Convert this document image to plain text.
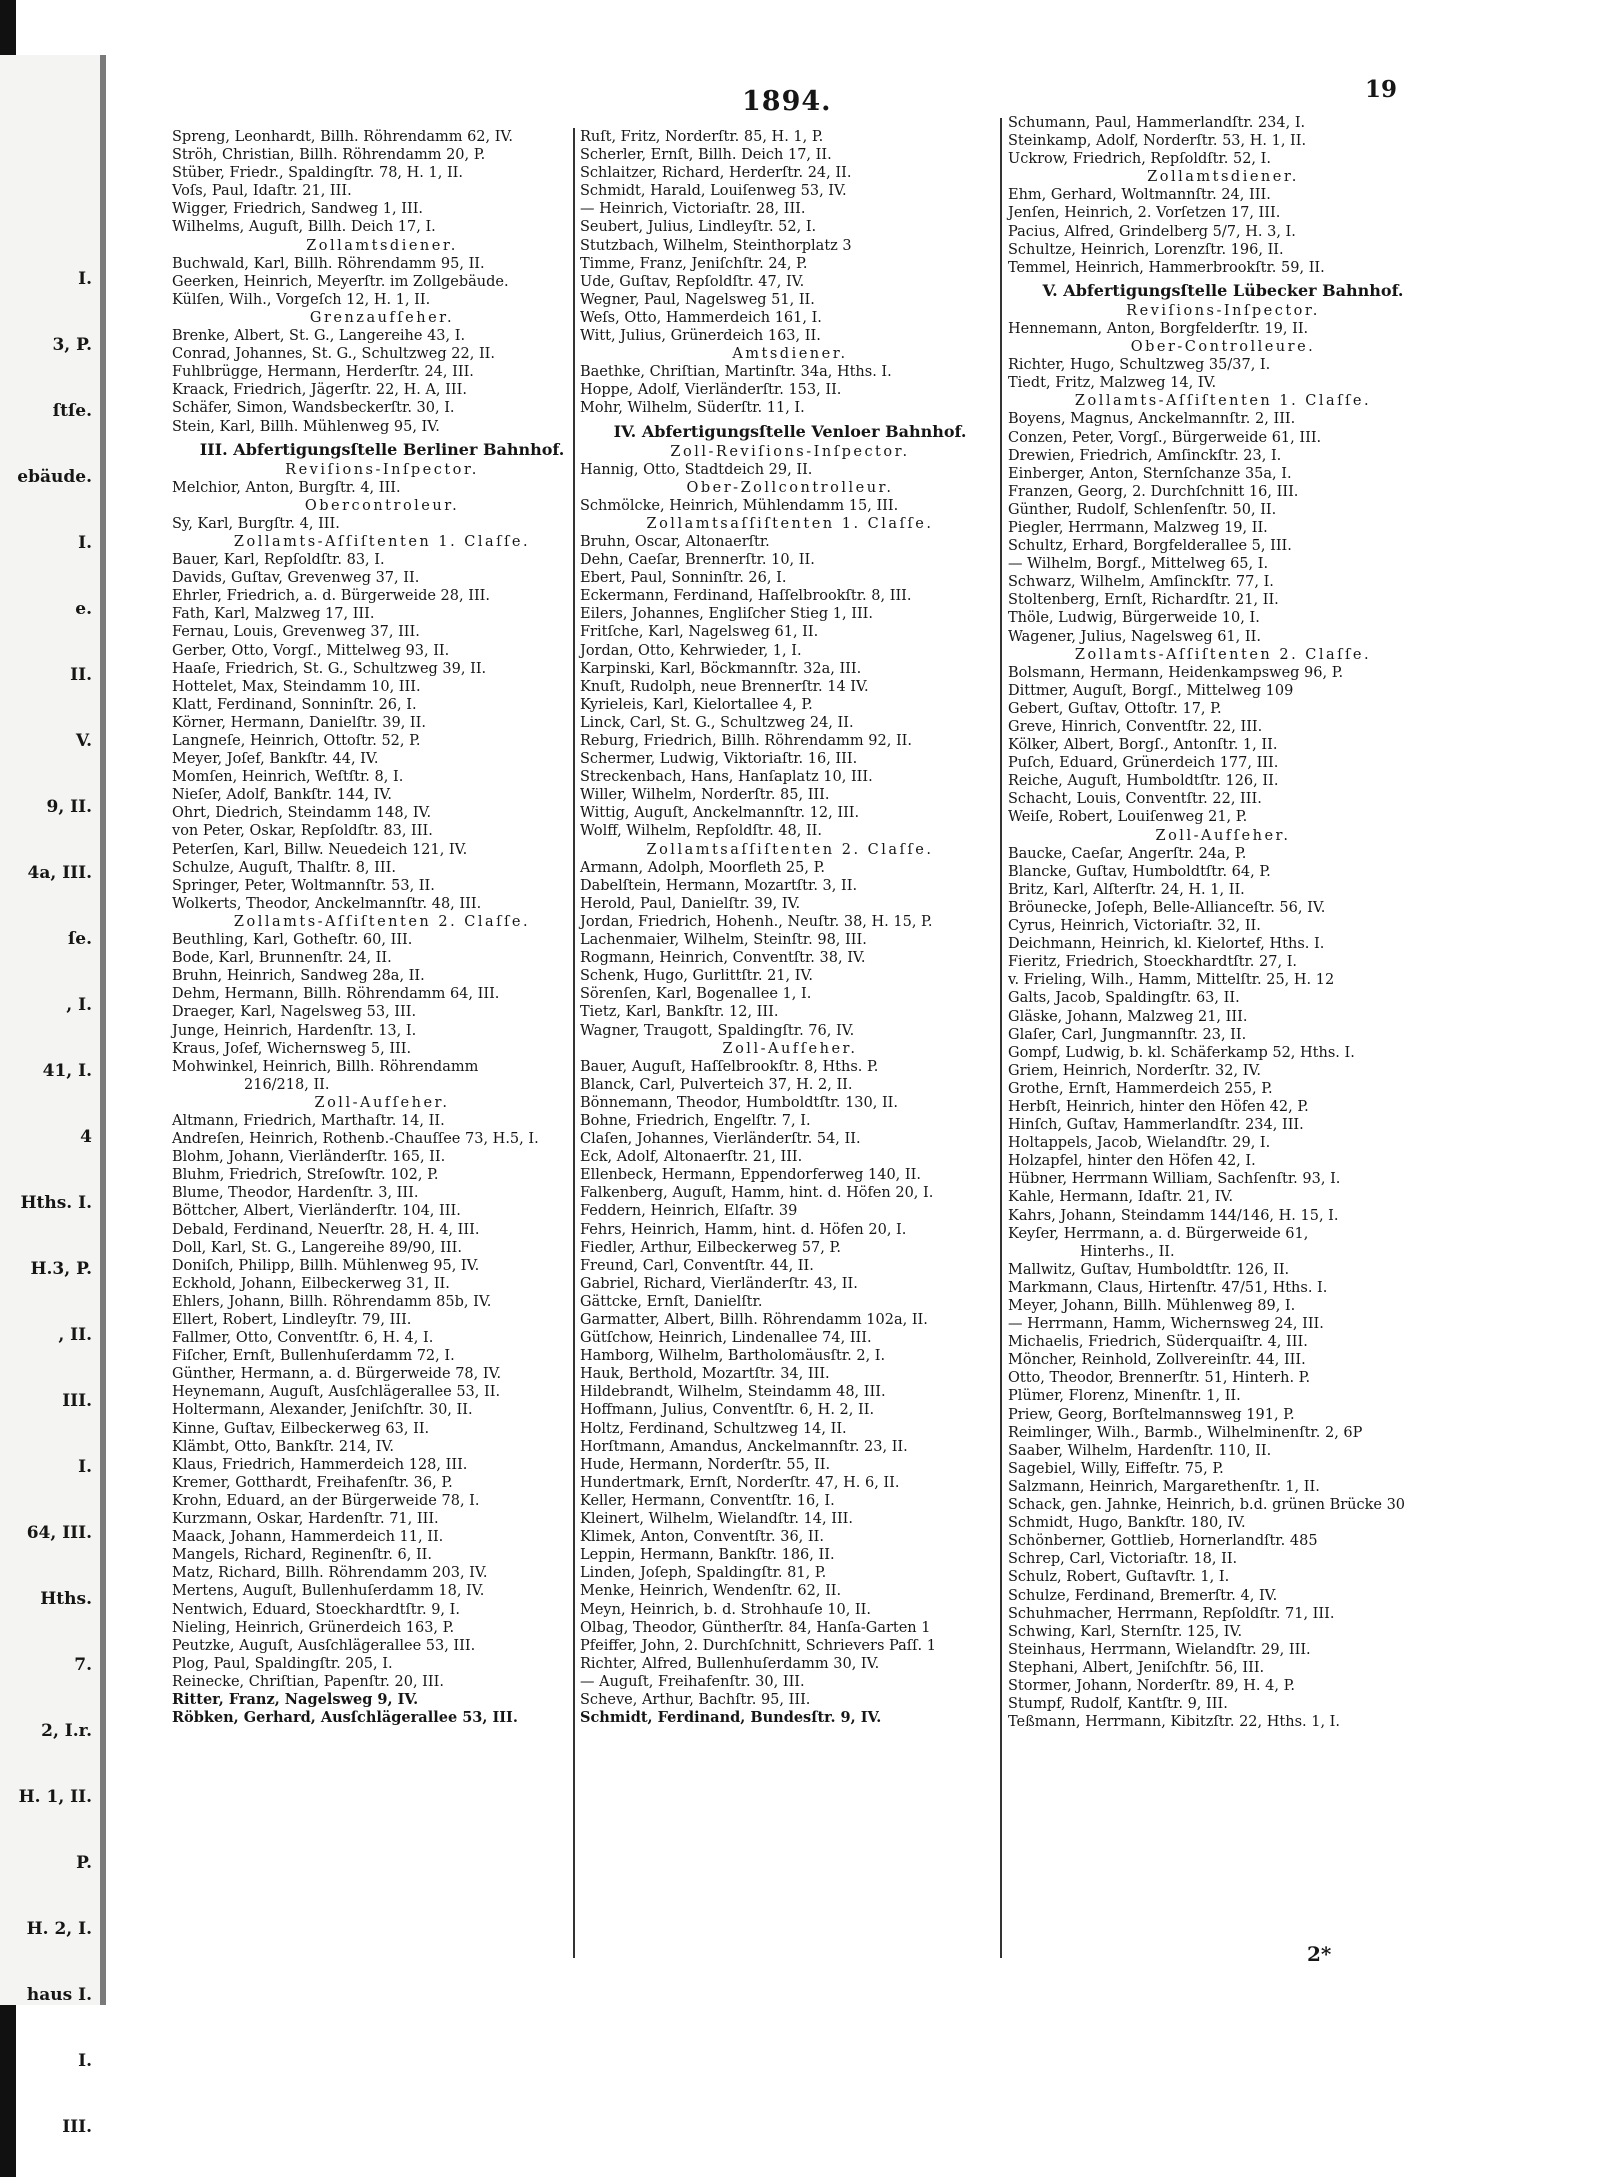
I.
3, P.
ſtſe.
ebäude.
I.
e.
II.
V.
9, II.
4a, III.
ſe.
, I.
41, I.
4
Hths. I.
H.3, P.
, II.
III.
I.
64, III.
Hths.
7.
2, I.r.
H. 1, II.
P.
H. 2, I.
haus I.
I.
III.
1894.	19
Spreng, Leonhardt, Billh. Röhrendamm 62, IV.
Ströh, Christian, Billh. Röhrendamm 20, P.
Stüber, Friedr., Spaldingſtr. 78, H. 1, II.
Voſs, Paul, Idaſtr. 21, III.
Wigger, Friedrich, Sandweg 1, III.
Wilhelms, Auguſt, Billh. Deich 17, I.
Zollamtsdiener.
Buchwald, Karl, Billh. Röhrendamm 95, II.
Geerken, Heinrich, Meyerſtr. im Zollgebäude.
Külſen, Wilh., Vorgeſch 12, H. 1, II.
Grenzaufſeher.
Brenke, Albert, St. G., Langereihe 43, I.
Conrad, Johannes, St. G., Schultzweg 22, II.
Fuhlbrügge, Hermann, Herderſtr. 24, III.
Kraack, Friedrich, Jägerſtr. 22, H. A, III.
Schäfer, Simon, Wandsbeckerſtr. 30, I.
Stein, Karl, Billh. Mühlenweg 95, IV.
III. Abfertigungsſtelle Berliner Bahnhof.
Reviſions-Inſpector.
Melchior, Anton, Burgſtr. 4, III.
Obercontroleur.
Sy, Karl, Burgſtr. 4, III.
Zollamts-Aſſiſtenten 1. Claſſe.
Bauer, Karl, Repſoldſtr. 83, I.
Davids, Guſtav, Grevenweg 37, II.
Ehrler, Friedrich, a. d. Bürgerweide 28, III.
Fath, Karl, Malzweg 17, III.
Fernau, Louis, Grevenweg 37, III.
Gerber, Otto, Vorgſ., Mittelweg 93, II.
Haaſe, Friedrich, St. G., Schultzweg 39, II.
Hottelet, Max, Steindamm 10, III.
Klatt, Ferdinand, Sonninſtr. 26, I.
Körner, Hermann, Danielſtr. 39, II.
Langneſe, Heinrich, Ottoſtr. 52, P.
Meyer, Joſef, Bankſtr. 44, IV.
Momſen, Heinrich, Weſtſtr. 8, I.
Nieſer, Adolf, Bankſtr. 144, IV.
Ohrt, Diedrich, Steindamm 148, IV.
von Peter, Oskar, Repſoldſtr. 83, III.
Peterſen, Karl, Billw. Neuedeich 121, IV.
Schulze, Auguſt, Thalſtr. 8, III.
Springer, Peter, Woltmannſtr. 53, II.
Wolkerts, Theodor, Anckelmannſtr. 48, III.
Zollamts-Aſſiſtenten 2. Claſſe.
Beuthling, Karl, Gotheſtr. 60, III.
Bode, Karl, Brunnenſtr. 24, II.
Bruhn, Heinrich, Sandweg 28a, II.
Dehm, Hermann, Billh. Röhrendamm 64, III.
Draeger, Karl, Nagelsweg 53, III.
Junge, Heinrich, Hardenſtr. 13, I.
Kraus, Joſef, Wichernsweg 5, III.
Mohwinkel, Heinrich, Billh. Röhrendamm
216/218, II.
Zoll-Aufſeher.
Altmann, Friedrich, Marthaſtr. 14, II.
Andreſen, Heinrich, Rothenb.-Chauſſee 73, H.5, I.
Blohm, Johann, Vierländerſtr. 165, II.
Bluhm, Friedrich, Streſowſtr. 102, P.
Blume, Theodor, Hardenſtr. 3, III.
Böttcher, Albert, Vierländerſtr. 104, III.
Debald, Ferdinand, Neuerſtr. 28, H. 4, III.
Doll, Karl, St. G., Langereihe 89/90, III.
Doniſch, Philipp, Billh. Mühlenweg 95, IV.
Eckhold, Johann, Eilbeckerweg 31, II.
Ehlers, Johann, Billh. Röhrendamm 85b, IV.
Ellert, Robert, Lindleyſtr. 79, III.
Fallmer, Otto, Conventſtr. 6, H. 4, I.
Fiſcher, Ernſt, Bullenhuſerdamm 72, I.
Günther, Hermann, a. d. Bürgerweide 78, IV.
Heynemann, Auguſt, Ausſchlägerallee 53, II.
Holtermann, Alexander, Jeniſchſtr. 30, II.
Kinne, Guſtav, Eilbeckerweg 63, II.
Klämbt, Otto, Bankſtr. 214, IV.
Klaus, Friedrich, Hammerdeich 128, III.
Kremer, Gotthardt, Freihafenſtr. 36, P.
Krohn, Eduard, an der Bürgerweide 78, I.
Kurzmann, Oskar, Hardenſtr. 71, III.
Maack, Johann, Hammerdeich 11, II.
Mangels, Richard, Reginenſtr. 6, II.
Matz, Richard, Billh. Röhrendamm 203, IV.
Mertens, Auguſt, Bullenhuſerdamm 18, IV.
Nentwich, Eduard, Stoeckhardtſtr. 9, I.
Nieling, Heinrich, Grünerdeich 163, P.
Peutzke, Auguſt, Ausſchlägerallee 53, III.
Plog, Paul, Spaldingſtr. 205, I.
Reinecke, Chriſtian, Papenſtr. 20, III.
Ritter, Franz, Nagelsweg 9, IV.
Röbken, Gerhard, Ausſchlägerallee 53, III.
Ruſt, Fritz, Norderſtr. 85, H. 1, P.
Scherler, Ernſt, Billh. Deich 17, II.
Schlaitzer, Richard, Herderſtr. 24, II.
Schmidt, Harald, Louiſenweg 53, IV.
— Heinrich, Victoriaſtr. 28, III.
Seubert, Julius, Lindleyſtr. 52, I.
Stutzbach, Wilhelm, Steinthorplatz 3
Timme, Franz, Jeniſchſtr. 24, P.
Ude, Guſtav, Repſoldſtr. 47, IV.
Wegner, Paul, Nagelsweg 51, II.
Weſs, Otto, Hammerdeich 161, I.
Witt, Julius, Grünerdeich 163, II.
Amtsdiener.
Baethke, Chriſtian, Martinſtr. 34a, Hths. I.
Hoppe, Adolf, Vierländerſtr. 153, II.
Mohr, Wilhelm, Süderſtr. 11, I.
IV. Abfertigungsſtelle Venloer Bahnhof.
Zoll-Reviſions-Inſpector.
Hannig, Otto, Stadtdeich 29, II.
Ober-Zollcontrolleur.
Schmölcke, Heinrich, Mühlendamm 15, III.
Zollamtsaſſiſtenten 1. Claſſe.
Bruhn, Oscar, Altonaerſtr.
Dehn, Caeſar, Brennerſtr. 10, II.
Ebert, Paul, Sonninſtr. 26, I.
Eckermann, Ferdinand, Haſſelbrookſtr. 8, III.
Eilers, Johannes, Engliſcher Stieg 1, III.
Fritſche, Karl, Nagelsweg 61, II.
Jordan, Otto, Kehrwieder, 1, I.
Karpinski, Karl, Böckmannſtr. 32a, III.
Knuſt, Rudolph, neue Brennerſtr. 14 IV.
Kyrieleis, Karl, Kielortallee 4, P.
Linck, Carl, St. G., Schultzweg 24, II.
Reburg, Friedrich, Billh. Röhrendamm 92, II.
Schermer, Ludwig, Viktoriaſtr. 16, III.
Streckenbach, Hans, Hanſaplatz 10, III.
Willer, Wilhelm, Norderſtr. 85, III.
Wittig, Auguſt, Anckelmannſtr. 12, III.
Wolff, Wilhelm, Repſoldſtr. 48, II.
Zollamtsaſſiſtenten 2. Claſſe.
Armann, Adolph, Moorfleth 25, P.
Dabelſtein, Hermann, Mozartſtr. 3, II.
Herold, Paul, Danielſtr. 39, IV.
Jordan, Friedrich, Hohenh., Neuſtr. 38, H. 15, P.
Lachenmaier, Wilhelm, Steinſtr. 98, III.
Rogmann, Heinrich, Conventſtr. 38, IV.
Schenk, Hugo, Gurlittſtr. 21, IV.
Sörenſen, Karl, Bogenallee 1, I.
Tietz, Karl, Bankſtr. 12, III.
Wagner, Traugott, Spaldingſtr. 76, IV.
Zoll-Aufſeher.
Bauer, Auguſt, Haſſelbrookſtr. 8, Hths. P.
Blanck, Carl, Pulverteich 37, H. 2, II.
Bönnemann, Theodor, Humboldtſtr. 130, II.
Bohne, Friedrich, Engelſtr. 7, I.
Claſen, Johannes, Vierländerſtr. 54, II.
Eck, Adolf, Altonaerſtr. 21, III.
Ellenbeck, Hermann, Eppendorferweg 140, II.
Falkenberg, Auguſt, Hamm, hint. d. Höfen 20, I.
Feddern, Heinrich, Elſaſtr. 39
Fehrs, Heinrich, Hamm, hint. d. Höfen 20, I.
Fiedler, Arthur, Eilbeckerweg 57, P.
Freund, Carl, Conventſtr. 44, II.
Gabriel, Richard, Vierländerſtr. 43, II.
Gättcke, Ernſt, Danielſtr.
Garmatter, Albert, Billh. Röhrendamm 102a, II.
Gütſchow, Heinrich, Lindenallee 74, III.
Hamborg, Wilhelm, Bartholomäusſtr. 2, I.
Hauk, Berthold, Mozartſtr. 34, III.
Hildebrandt, Wilhelm, Steindamm 48, III.
Hoffmann, Julius, Conventſtr. 6, H. 2, II.
Holtz, Ferdinand, Schultzweg 14, II.
Horſtmann, Amandus, Anckelmannſtr. 23, II.
Hude, Hermann, Norderſtr. 55, II.
Hundertmark, Ernſt, Norderſtr. 47, H. 6, II.
Keller, Hermann, Conventſtr. 16, I.
Kleinert, Wilhelm, Wielandſtr. 14, III.
Klimek, Anton, Conventſtr. 36, II.
Leppin, Hermann, Bankſtr. 186, II.
Linden, Joſeph, Spaldingſtr. 81, P.
Menke, Heinrich, Wendenſtr. 62, II.
Meyn, Heinrich, b. d. Strohhauſe 10, II.
Olbag, Theodor, Güntherſtr. 84, Hanſa-Garten 1
Pfeiffer, John, 2. Durchſchnitt, Schrievers Paſſ. 1
Richter, Alfred, Bullenhuſerdamm 30, IV.
— Auguſt, Freihafenſtr. 30, III.
Scheve, Arthur, Bachſtr. 95, III.
Schmidt, Ferdinand, Bundesſtr. 9, IV.
Schumann, Paul, Hammerlandſtr. 234, I.
Steinkamp, Adolf, Norderſtr. 53, H. 1, II.
Uckrow, Friedrich, Repſoldſtr. 52, I.
Zollamtsdiener.
Ehm, Gerhard, Woltmannſtr. 24, III.
Jenſen, Heinrich, 2. Vorſetzen 17, III.
Pacius, Alfred, Grindelberg 5/7, H. 3, I.
Schultze, Heinrich, Lorenzſtr. 196, II.
Temmel, Heinrich, Hammerbrookſtr. 59, II.
V. Abfertigungsſtelle Lübecker Bahnhof.
Reviſions-Inſpector.
Hennemann, Anton, Borgfelderſtr. 19, II.
Ober-Controlleure.
Richter, Hugo, Schultzweg 35/37, I.
Tiedt, Fritz, Malzweg 14, IV.
Zollamts-Aſſiſtenten 1. Claſſe.
Boyens, Magnus, Anckelmannſtr. 2, III.
Conzen, Peter, Vorgſ., Bürgerweide 61, III.
Drewien, Friedrich, Amſinckſtr. 23, I.
Einberger, Anton, Sternſchanze 35a, I.
Franzen, Georg, 2. Durchſchnitt 16, III.
Günther, Rudolf, Schlenſenſtr. 50, II.
Piegler, Herrmann, Malzweg 19, II.
Schultz, Erhard, Borgfelderallee 5, III.
— Wilhelm, Borgf., Mittelweg 65, I.
Schwarz, Wilhelm, Amſinckſtr. 77, I.
Stoltenberg, Ernſt, Richardſtr. 21, II.
Thöle, Ludwig, Bürgerweide 10, I.
Wagener, Julius, Nagelsweg 61, II.
Zollamts-Aſſiſtenten 2. Claſſe.
Bolsmann, Hermann, Heidenkampsweg 96, P.
Dittmer, Auguſt, Borgſ., Mittelweg 109
Gebert, Guſtav, Ottoſtr. 17, P.
Greve, Hinrich, Conventſtr. 22, III.
Kölker, Albert, Borgſ., Antonſtr. 1, II.
Puſch, Eduard, Grünerdeich 177, III.
Reiche, Auguſt, Humboldtſtr. 126, II.
Schacht, Louis, Conventſtr. 22, III.
Weiſe, Robert, Louiſenweg 21, P.
Zoll-Aufſeher.
Baucke, Caeſar, Angerſtr. 24a, P.
Blancke, Guſtav, Humboldtſtr. 64, P.
Britz, Karl, Alſterſtr. 24, H. 1, II.
Bröunecke, Joſeph, Belle-Allianceſtr. 56, IV.
Cyrus, Heinrich, Victoriaſtr. 32, II.
Deichmann, Heinrich, kl. Kielortef, Hths. I.
Fieritz, Friedrich, Stoeckhardtſtr. 27, I.
v. Frieling, Wilh., Hamm, Mittelſtr. 25, H. 12
Galts, Jacob, Spaldingſtr. 63, II.
Gläske, Johann, Malzweg 21, III.
Glaſer, Carl, Jungmannſtr. 23, II.
Gompf, Ludwig, b. kl. Schäferkamp 52, Hths. I.
Griem, Heinrich, Norderſtr. 32, IV.
Grothe, Ernſt, Hammerdeich 255, P.
Herbſt, Heinrich, hinter den Höfen 42, P.
Hinſch, Guſtav, Hammerlandſtr. 234, III.
Holtappels, Jacob, Wielandſtr. 29, I.
Holzapfel, hinter den Höfen 42, I.
Hübner, Herrmann William, Sachſenſtr. 93, I.
Kahle, Hermann, Idaſtr. 21, IV.
Kahrs, Johann, Steindamm 144/146, H. 15, I.
Keyſer, Herrmann, a. d. Bürgerweide 61,
Hinterhs., II.
Mallwitz, Guſtav, Humboldtſtr. 126, II.
Markmann, Claus, Hirtenſtr. 47/51, Hths. I.
Meyer, Johann, Billh. Mühlenweg 89, I.
— Herrmann, Hamm, Wichernsweg 24, III.
Michaelis, Friedrich, Süderquaiſtr. 4, III.
Möncher, Reinhold, Zollvereinſtr. 44, III.
Otto, Theodor, Brennerſtr. 51, Hinterh. P.
Plümer, Florenz, Minenſtr. 1, II.
Priew, Georg, Borſtelmannsweg 191, P.
Reimlinger, Wilh., Barmb., Wilhelminenſtr. 2, 6P
Saaber, Wilhelm, Hardenſtr. 110, II.
Sagebiel, Willy, Eiffeſtr. 75, P.
Salzmann, Heinrich, Margarethenſtr. 1, II.
Schack, gen. Jahnke, Heinrich, b.d. grünen Brücke 30
Schmidt, Hugo, Bankſtr. 180, IV.
Schönberner, Gottlieb, Hornerlandſtr. 485
Schrep, Carl, Victoriaſtr. 18, II.
Schulz, Robert, Guſtavſtr. 1, I.
Schulze, Ferdinand, Bremerſtr. 4, IV.
Schuhmacher, Herrmann, Repſoldſtr. 71, III.
Schwing, Karl, Sternſtr. 125, IV.
Steinhaus, Herrmann, Wielandſtr. 29, III.
Stephani, Albert, Jeniſchſtr. 56, III.
Stormer, Johann, Norderſtr. 89, H. 4, P.
Stumpf, Rudolf, Kantſtr. 9, III.
Teßmann, Herrmann, Kibitzſtr. 22, Hths. 1, I.
2*
